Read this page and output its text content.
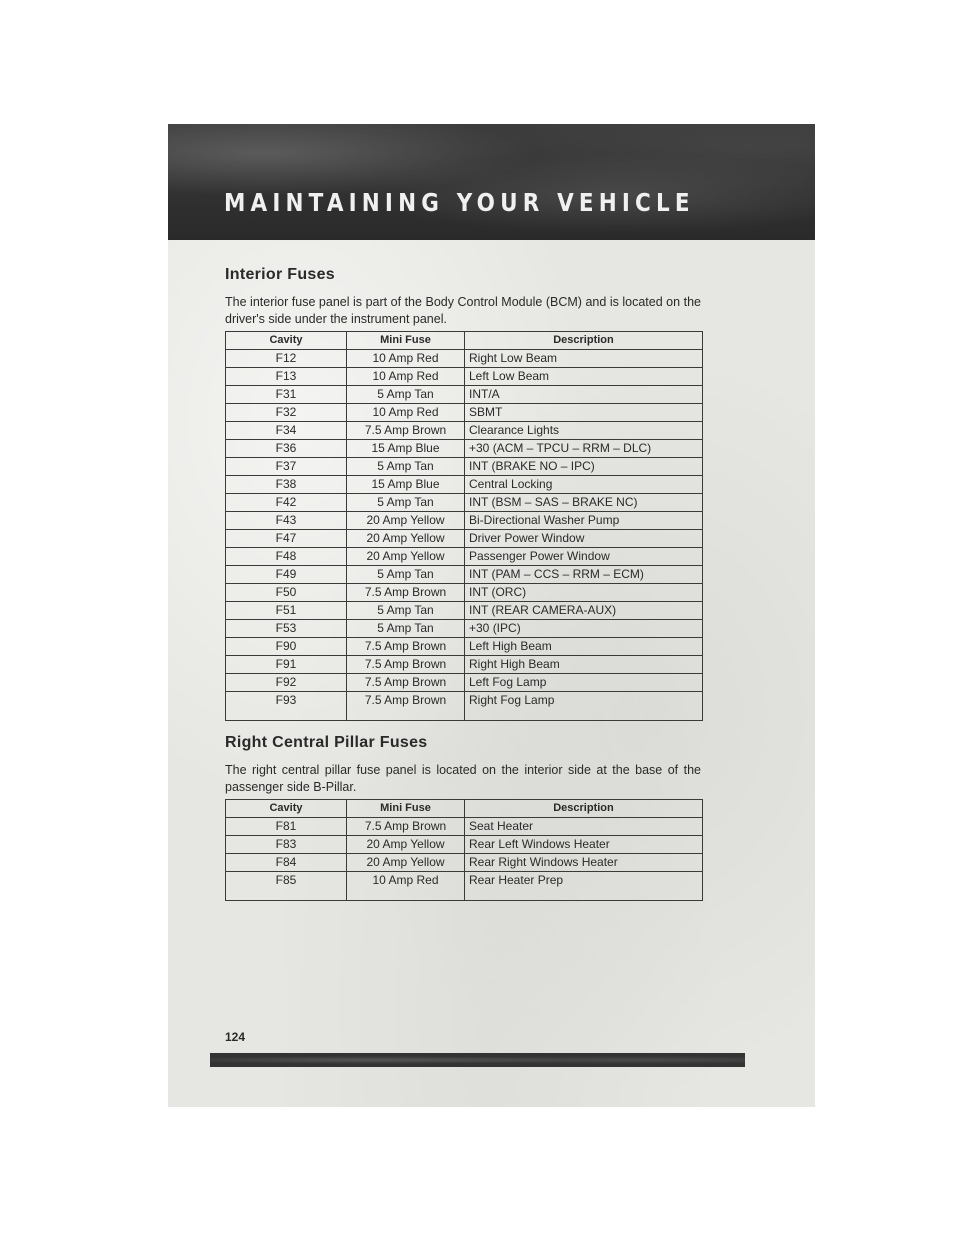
MAINTAINING YOUR VEHICLE
Interior Fuses
The interior fuse panel is part of the Body Control Module (BCM) and is located on the driver's side under the instrument panel.
Cavity	Mini Fuse	Description
F12	10 Amp Red	Right Low Beam
F13	10 Amp Red	Left Low Beam
F31	5 Amp Tan	INT/A
F32	10 Amp Red	SBMT
F34	7.5 Amp Brown	Clearance Lights
F36	15 Amp Blue	+30 (ACM – TPCU – RRM – DLC)
F37	5 Amp Tan	INT (BRAKE NO – IPC)
F38	15 Amp Blue	Central Locking
F42	5 Amp Tan	INT (BSM – SAS – BRAKE NC)
F43	20 Amp Yellow	Bi-Directional Washer Pump
F47	20 Amp Yellow	Driver Power Window
F48	20 Amp Yellow	Passenger Power Window
F49	5 Amp Tan	INT (PAM – CCS – RRM – ECM)
F50	7.5 Amp Brown	INT (ORC)
F51	5 Amp Tan	INT (REAR CAMERA-AUX)
F53	5 Amp Tan	+30 (IPC)
F90	7.5 Amp Brown	Left High Beam
F91	7.5 Amp Brown	Right High Beam
F92	7.5 Amp Brown	Left Fog Lamp
F93	7.5 Amp Brown	Right Fog Lamp
Right Central Pillar Fuses
The right central pillar fuse panel is located on the interior side at the base of the passenger side B-Pillar.
Cavity	Mini Fuse	Description
F81	7.5 Amp Brown	Seat Heater
F83	20 Amp Yellow	Rear Left Windows Heater
F84	20 Amp Yellow	Rear Right Windows Heater
F85	10 Amp Red	Rear Heater Prep
124
